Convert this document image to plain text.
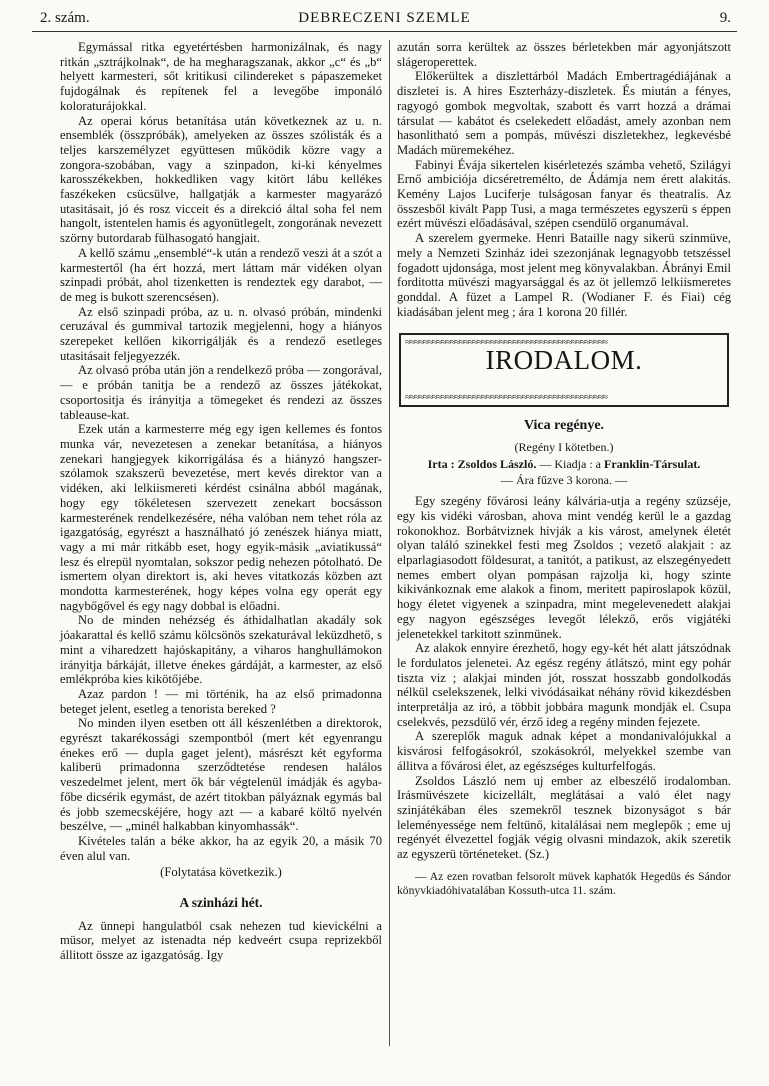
2. szám.	DEBRECZENI SZEMLE	9.

Egymással ritka egyetértésben harmonizálnak, és nagy ritkán „sztrájkolnak“, de ha megharagszanak, akkor „c“ és „b“ helyett karmesteri, sőt kritikusi cilindereket s pápaszemeket fujdogálnak és repítenek fel a levegőbe imponáló koloraturájokkal.

Az operai kórus betanítása után következnek az u. n. ensemblék (összpróbák), amelyeken az összes szólisták és a teljes karszemélyzet együttesen működik közre vagy a zongora-szobában, vagy a szinpadon, ki-ki kényelmes karosszékekben, hokkedliken vagy kitört lábu kellékes faszékeken csücsülve, hallgatják a karmester magyarázó utasitásait, jó és rosz vicceit és a direkció által soha fel nem hangolt, istentelen hamis és agyonütlegelt, zongorának nevezett szörny butordarab fülhasogató hangjait.

A kellő számu „ensemblé“-k után a rendező veszi át a szót a karmestertől (ha ért hozzá, mert láttam már vidéken olyan szinpadi próbát, ahol tizenketten is rendeztek egy darabot, — de meg is bukott szerencsésen).

Az első szinpadi próba, az u. n. olvasó próbán, mindenki ceruzával és gummival tartozik megjelenni, hogy a hiányos szerepeket kellően kikorrigálják és a rendező esetleges utasitásait feljegyezzék.

Az olvasó próba után jön a rendelkező próba — zongorával, — e próbán tanitja be a rendező az összes játékokat, csoportositja és irányitja a tömegeket és rendezi az összes tableause-kat.

Ezek után a karmesterre még egy igen kellemes és fontos munka vár, nevezetesen a zenekar betanítása, a hiányos zenekari hangjegyek kikorrigálása és a hiányzó hangszer-szólamok szakszerü bevezetése, mert kevés direktor van a vidéken, aki lelkiismereti kérdést csinálna abból magának, hogy egy tökéletesen szervezett zenekart bocsásson karmesterének rendelkezésére, néha valóban nem tehet róla az igazgatóság, egyrészt a használható jó zenészek hiánya miatt, vagy a mi már ritkább eset, hogy egyik-másik „aviatikussá“ lesz és elrepül nyomtalan, sokszor pedig nehezen pótolható. De ismertem olyan direktort is, aki heves vitatkozás közben azt mondotta karmesterének, hogy képes volna egy operát egy nagybőgővel és egy nagy dobbal is előadni.

No de minden nehézség és áthidalhatlan akadály sok jóakarattal és kellő számu kölcsönös szekaturával leküzdhető, s mint a viharedzett hajóskapitány, a viharos hanghullámokon irányitja bárkáját, illetve énekes gárdáját, a karmester, az első emlékpróba kies kikötőjébe.

Azaz pardon ! — mi történik, ha az első primadonna beteget jelent, esetleg a tenorista bereked ?

No minden ilyen esetben ott áll készenlétben a direktorok, egyrészt takarékossági szempontból (mert két egyenrangu énekes erő — dupla gaget jelent), másrészt két egyforma kaliberü primadonna szerződtetése rendesen halálos veszedelmet jelent, mert ők bár végtelenül imádják és agyba-főbe dicsérik egymást, de azért titokban pályáznak egymás bal és jobb szemecskéjére, hogy azt — a kabaré költő nyelvén beszélve, — „minél halkabban kinyomhassák“.

Kivételes talán a béke akkor, ha az egyik 20, a másik 70 éven alul van.

(Folytatása következik.)

A szinházi hét.

Az ünnepi hangulatból csak nehezen tud kievickélni a müsor, melyet az istenadta nép kedveért csupa reprizekből állitott össze az igazgatóság. Igy

azután sorra kerültek az összes bérletekben már agyonjátszott slágeroperettek.

Előkerültek a diszlettárból Madách Embertragédiájának a diszletei is. A hires Eszterházy-diszletek. És miután a fényes, ragyogó gombok megvoltak, szabott és varrt hozzá a drámai társulat — kabátot és cselekedett előadást, amely azonban nem hasonlitható sem a pompás, müvészi diszletekhez, legkevésbé Madách müremekéhez.

Fabinyi Évája sikertelen kisérletezés számba vehető, Szilágyi Ernő ambiciója dicséretremélto, de Ádámja nem érett alakitás. Kemény Lajos Luciferje tulságosan fanyar és theatralis. Az összesből kivált Papp Tusi, a maga természetes egyszerü s éppen ezért müvészi előadásával, szépen csendülő organumával.

A szerelem gyermeke. Henri Bataille nagy sikerü szinmüve, mely a Nemzeti Szinház idei szezonjának legnagyobb tetszéssel fogadott ujdonsága, most jelent meg könyvalakban. Ábrányi Emil forditotta müvészi magyarsággal és az öt jellemző lelkiismeretes gonddal. A füzet a Lampel R. (Wodianer F. és Fiai) cég kiadásában jelent meg ; ára 1 korona 20 fillér.

≈≈≈≈≈≈≈≈≈≈≈≈≈≈≈≈≈≈≈≈≈≈≈≈≈≈≈≈≈≈≈≈≈≈≈≈≈≈≈≈≈≈≈≈≈
IRODALOM.
≈≈≈≈≈≈≈≈≈≈≈≈≈≈≈≈≈≈≈≈≈≈≈≈≈≈≈≈≈≈≈≈≈≈≈≈≈≈≈≈≈≈≈≈≈

Vica regénye.

(Regény I kötetben.)

Irta : Zsoldos László. — Kiadja : a Franklin-Társulat.

— Ára fűzve 3 korona. —

Egy szegény fővárosi leány kálvária-utja a regény szüzséje, egy kis vidéki városban, ahova mint vendég kerül le a gazdag rokonokhoz. Borbátviznek hivják a kis várost, amelynek életét olyan találó szinekkel festi meg Zsoldos ; vezető alakjait : az elparlagiasodott földesurat, a tanitót, a patikust, az elszegényedett nemes embert olyan pompásan rajzolja ki, hogy szinte kikivánkoznak eme alakok a finom, meritett papiroslapok közül, hogy életet vigyenek a szinpadra, mint megelevenedett alakjai egy nagyon egészséges levegőt lélekző, erős vigjátéki jelenetekkel tarkitott szinmünek.

Az alakok ennyire érezhető, hogy egy-két hét alatt játszódnak le fordulatos jelenetei. Az egész regény átlátszó, mint egy pohár tiszta viz ; alakjai minden jót, rosszat hosszabb gondolkodás nélkül cselekszenek, lelki vivódásaikat néhány rövid kikezdésben interpretálja az iró, a többit jobbára magunk mondják el. Csupa cselekvés, pezsdülő vér, érző ideg a regény minden fejezete.

A szereplők maguk adnak képet a mondanivalójukkal a kisvárosi felfogásokról, szokásokról, melyekkel szembe van állitva a fővárosi élet, az egészséges kulturfelfogás.

Zsoldos László nem uj ember az elbeszélő irodalomban. Irásmüvészete kicizellált, meglátásai a való élet nagy szinjátékában éles szemekről tesznek bizonyságot s bár leleményessége nem feltünő, kitalálásai nem meglepők ; eme uj regényét élvezettel fogják végig olvasni mindazok, akik szeretik az egyszerü történeteket. (Sz.)

— Az ezen rovatban felsorolt müvek kaphatók Hegedüs és Sándor könyvkiadóhivatalában Kossuth-utca 11. szám.
